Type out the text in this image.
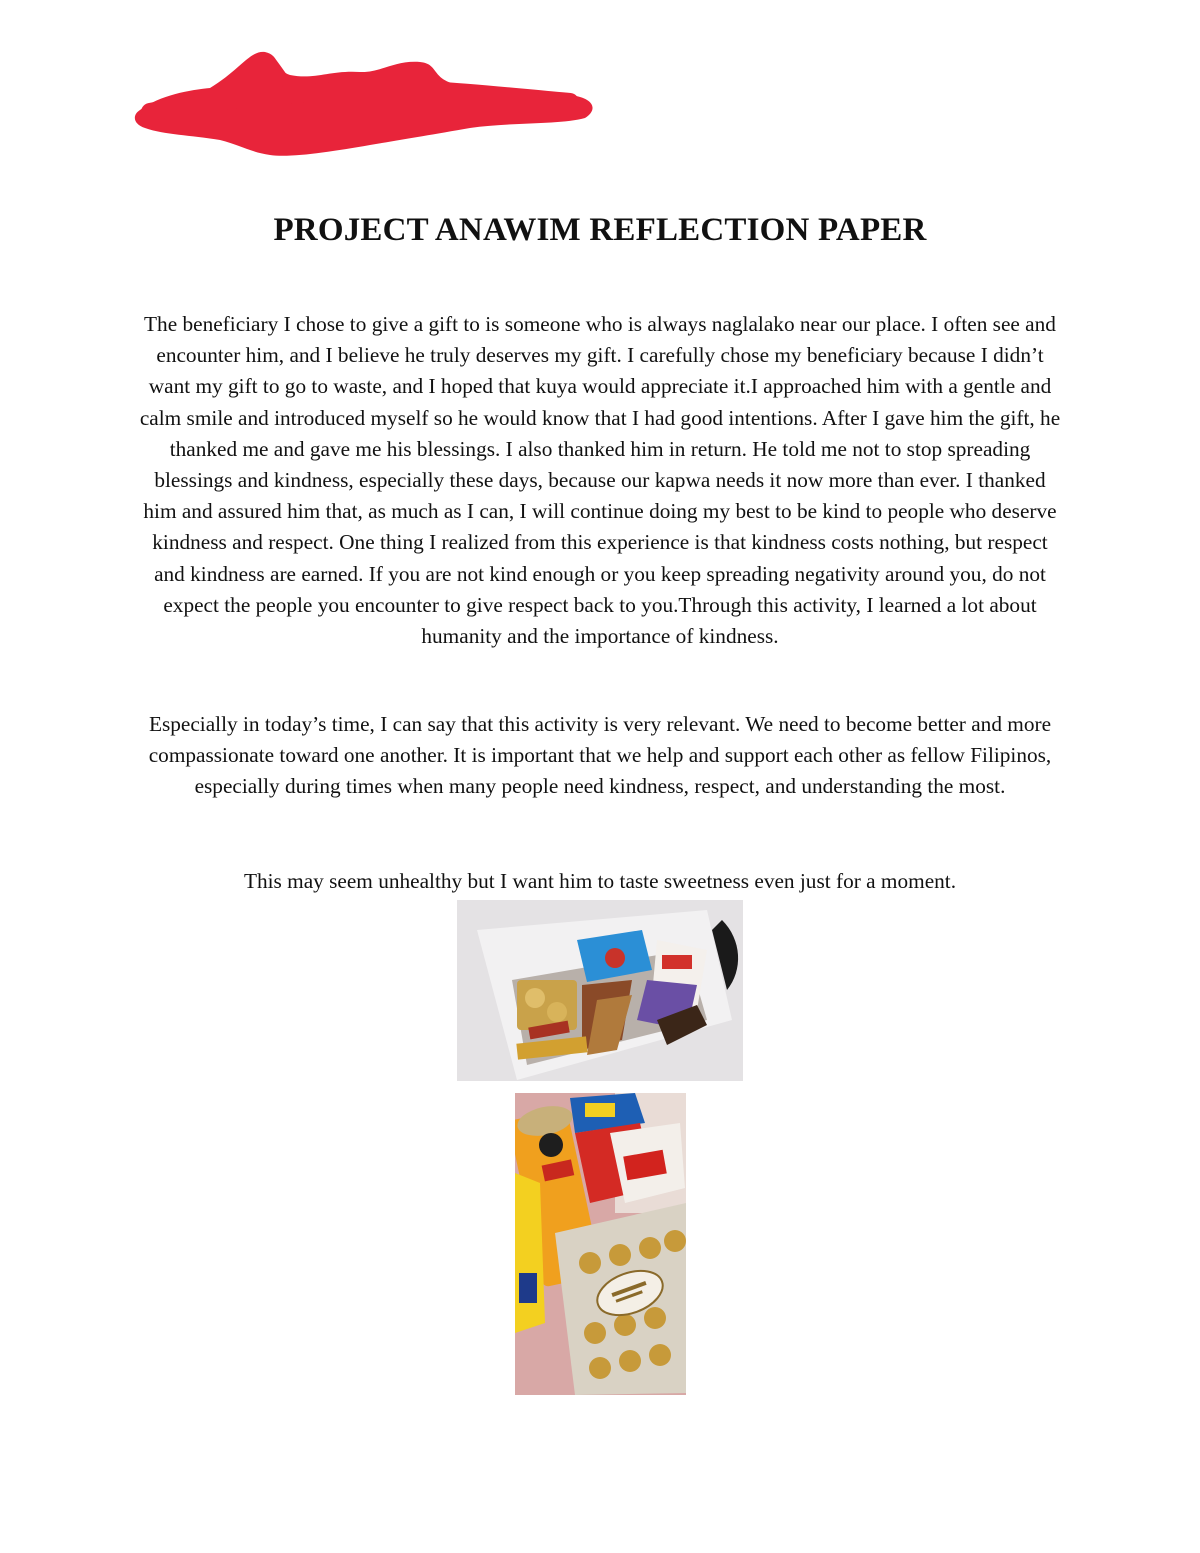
PROJECT ANAWIM REFLECTION PAPER

The beneficiary I chose to give a gift to is someone who is always naglalako near our place. I often see and encounter him, and I believe he truly deserves my gift. I carefully chose my beneficiary because I didn’t want my gift to go to waste, and I hoped that kuya would appreciate it.I approached him with a gentle and calm smile and introduced myself so he would know that I had good intentions. After I gave him the gift, he thanked me and gave me his blessings. I also thanked him in return. He told me not to stop spreading blessings and kindness, especially these days, because our kapwa needs it now more than ever. I thanked him and assured him that, as much as I can, I will continue doing my best to be kind to people who deserve kindness and respect. One thing I realized from this experience is that kindness costs nothing, but respect and kindness are earned. If you are not kind enough or you keep spreading negativity around you, do not expect the people you encounter to give respect back to you.Through this activity, I learned a lot about humanity and the importance of kindness.

Especially in today’s time, I can say that this activity is very relevant. We need to become better and more compassionate toward one another. It is important that we help and support each other as fellow Filipinos, especially during times when many people need kindness, respect, and understanding the most.

This may seem unhealthy but I want him to taste sweetness even just for a moment.
